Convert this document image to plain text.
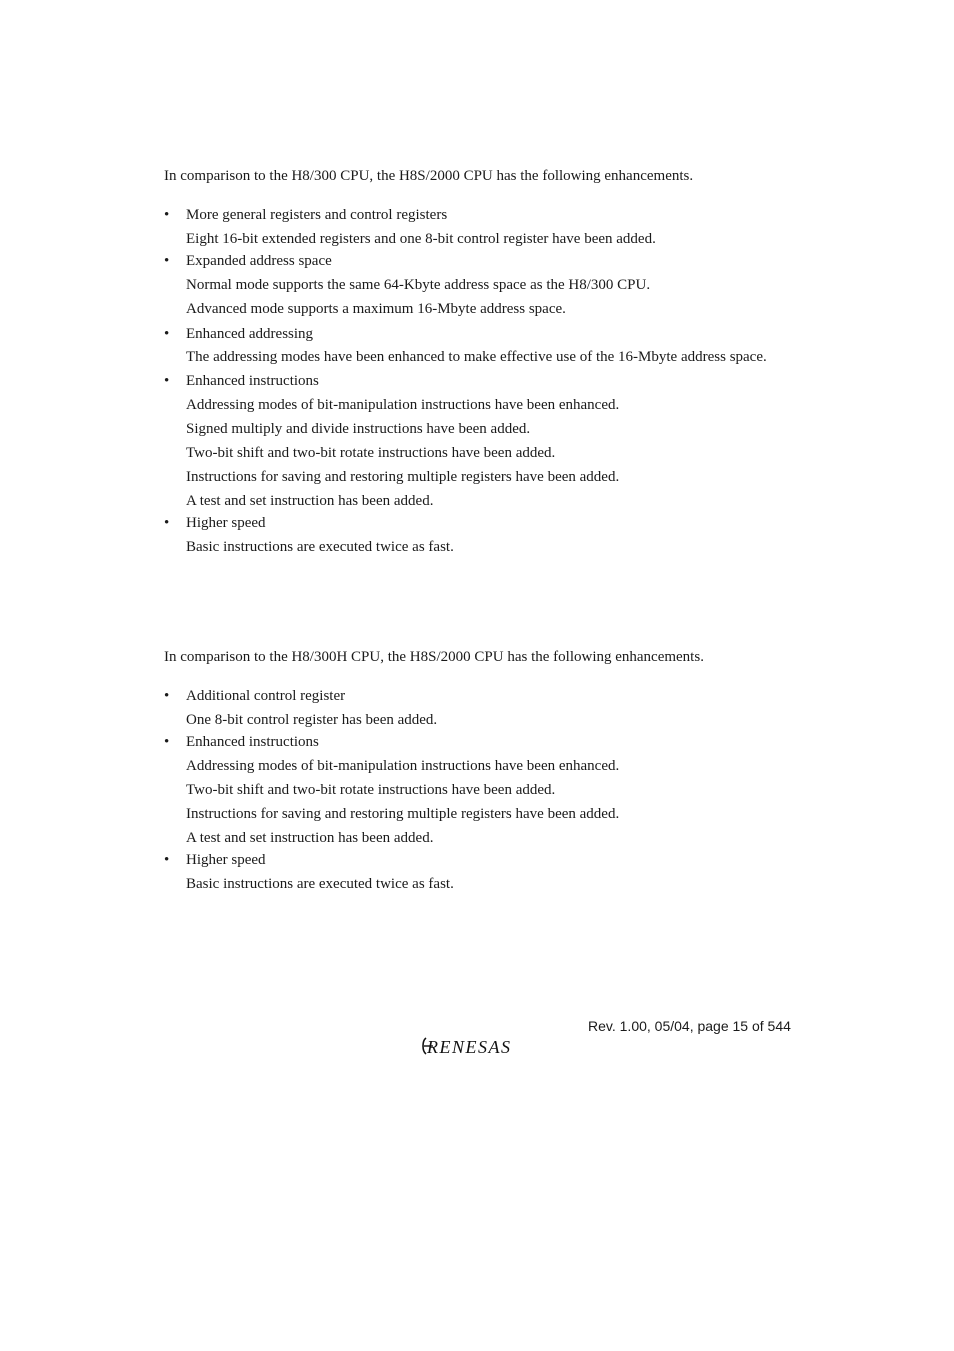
In comparison to the H8/300 CPU, the H8S/2000 CPU has the following enhancements.

• More general registers and control registers
Eight 16-bit extended registers and one 8-bit control register have been added.
• Expanded address space
Normal mode supports the same 64-Kbyte address space as the H8/300 CPU.
Advanced mode supports a maximum 16-Mbyte address space.
• Enhanced addressing
The addressing modes have been enhanced to make effective use of the 16-Mbyte address space.
• Enhanced instructions
Addressing modes of bit-manipulation instructions have been enhanced.
Signed multiply and divide instructions have been added.
Two-bit shift and two-bit rotate instructions have been added.
Instructions for saving and restoring multiple registers have been added.
A test and set instruction has been added.
• Higher speed
Basic instructions are executed twice as fast.

In comparison to the H8/300H CPU, the H8S/2000 CPU has the following enhancements.

• Additional control register
One 8-bit control register has been added.
• Enhanced instructions
Addressing modes of bit-manipulation instructions have been enhanced.
Two-bit shift and two-bit rotate instructions have been added.
Instructions for saving and restoring multiple registers have been added.
A test and set instruction has been added.
• Higher speed
Basic instructions are executed twice as fast.
Rev. 1.00, 05/04, page 15 of 544
RENESAS
